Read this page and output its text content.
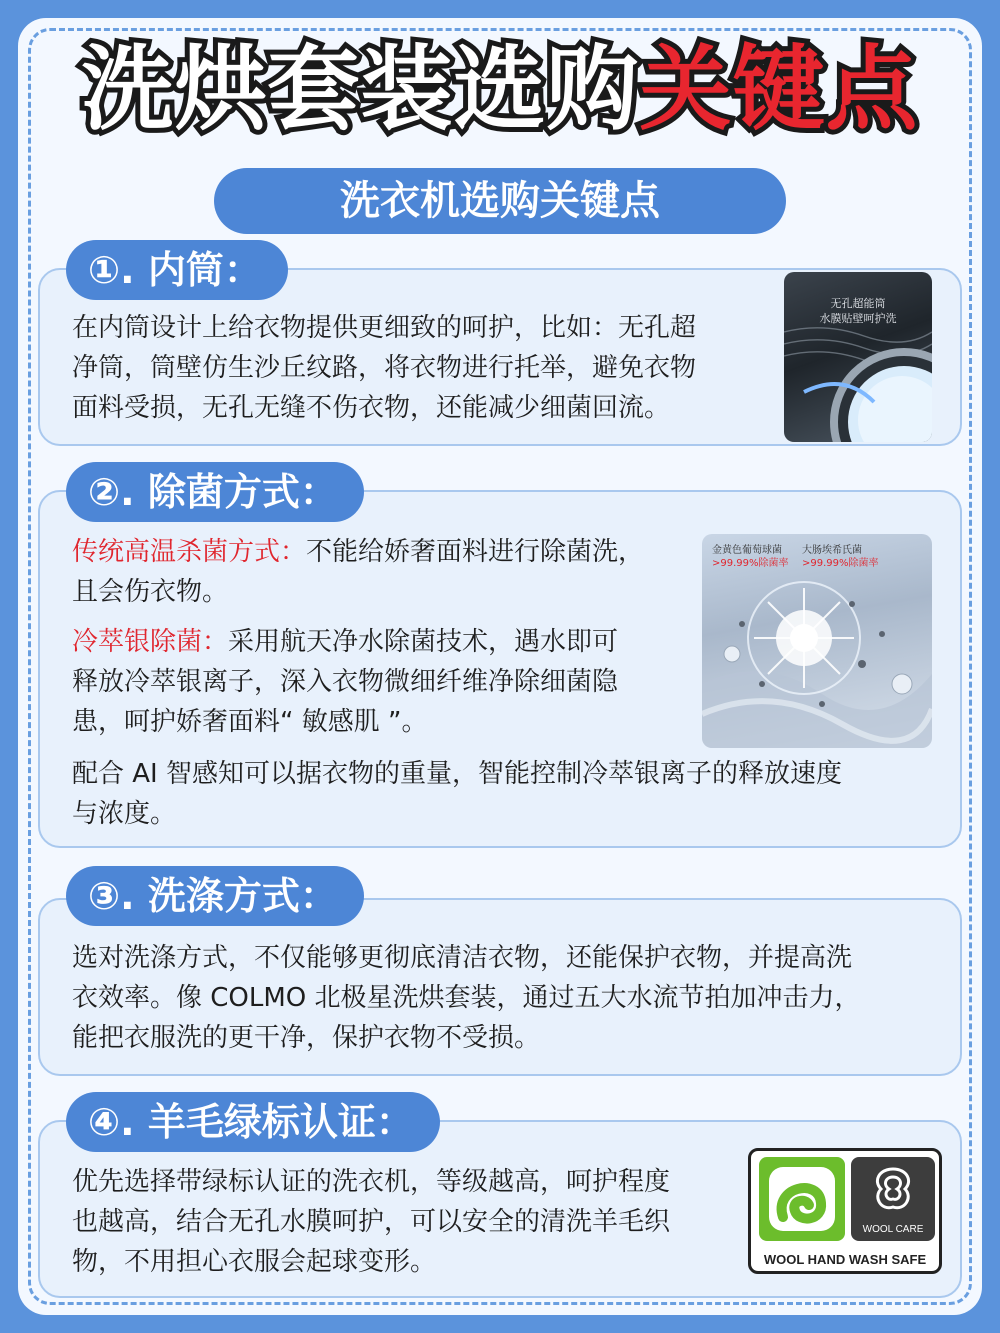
洗烘套装选购关键点
洗衣机选购关键点
①. 内筒：
在内筒设计上给衣物提供更细致的呵护，比如：无孔超
净筒，筒壁仿生沙丘纹路，将衣物进行托举，避免衣物
面料受损，无孔无缝不伤衣物，还能减少细菌回流。
无孔超能筒
水膜贴壁呵护洗
②. 除菌方式：
传统高温杀菌方式：不能给娇奢面料进行除菌洗，
且会伤衣物。
冷萃银除菌：采用航天净水除菌技术，遇水即可
释放冷萃银离子，深入衣物微细纤维净除细菌隐
患，呵护娇奢面料“ 敏感肌 ”。
配合 AI 智感知可以据衣物的重量，智能控制冷萃银离子的释放速度
与浓度。
金黄色葡萄球菌
>99.99%除菌率
大肠埃希氏菌
>99.99%除菌率
③. 洗涤方式：
选对洗涤方式，不仅能够更彻底清洁衣物，还能保护衣物，并提高洗
衣效率。像 COLMO 北极星洗烘套装，通过五大水流节拍加冲击力，
能把衣服洗的更干净，保护衣物不受损。
④. 羊毛绿标认证：
优先选择带绿标认证的洗衣机，等级越高，呵护程度
也越高，结合无孔水膜呵护，可以安全的清洗羊毛织
物，不用担心衣服会起球变形。
WOOL CARE
WOOL HAND WASH SAFE
